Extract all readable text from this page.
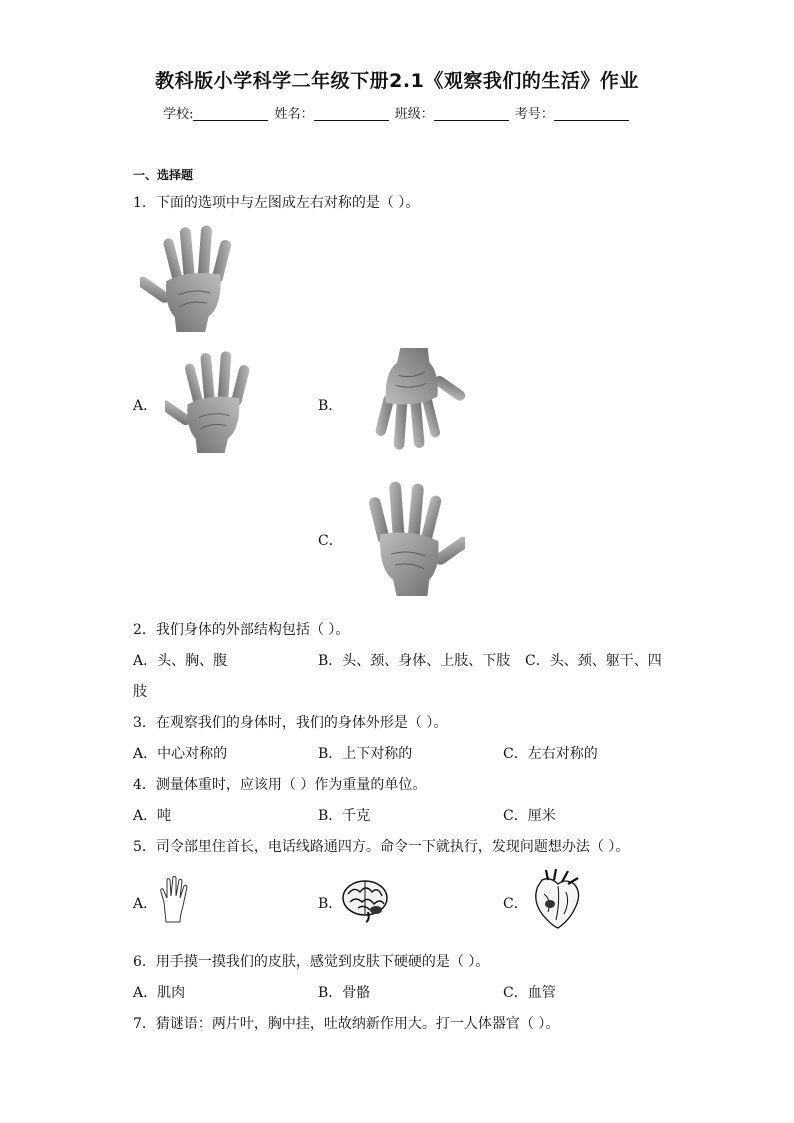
教科版小学科学二年级下册2.1《观察我们的生活》作业
学校:	姓名：	班级：	考号：
一、选择题
1．下面的选项中与左图成左右对称的是（ ）。
A．	B．
C．
2．我们身体的外部结构包括（ ）。
A．头、胸、腹	B．头、颈、身体、上肢、下肢 C．头、颈、躯干、四
肢
3．在观察我们的身体时，我们的身体外形是（ ）。
A．中心对称的	B．上下对称的	C．左右对称的
4．测量体重时，应该用（ ）作为重量的单位。
A．吨	B．千克	C．厘米
5．司令部里住首长，电话线路通四方。命令一下就执行，发现问题想办法（ ）。
A．	B．	C．
6．用手摸一摸我们的皮肤，感觉到皮肤下硬硬的是（ ）。
A．肌肉	B．骨骼	C．血管
7．猜谜语：两片叶，胸中挂，吐故纳新作用大。打一人体器官（ ）。
